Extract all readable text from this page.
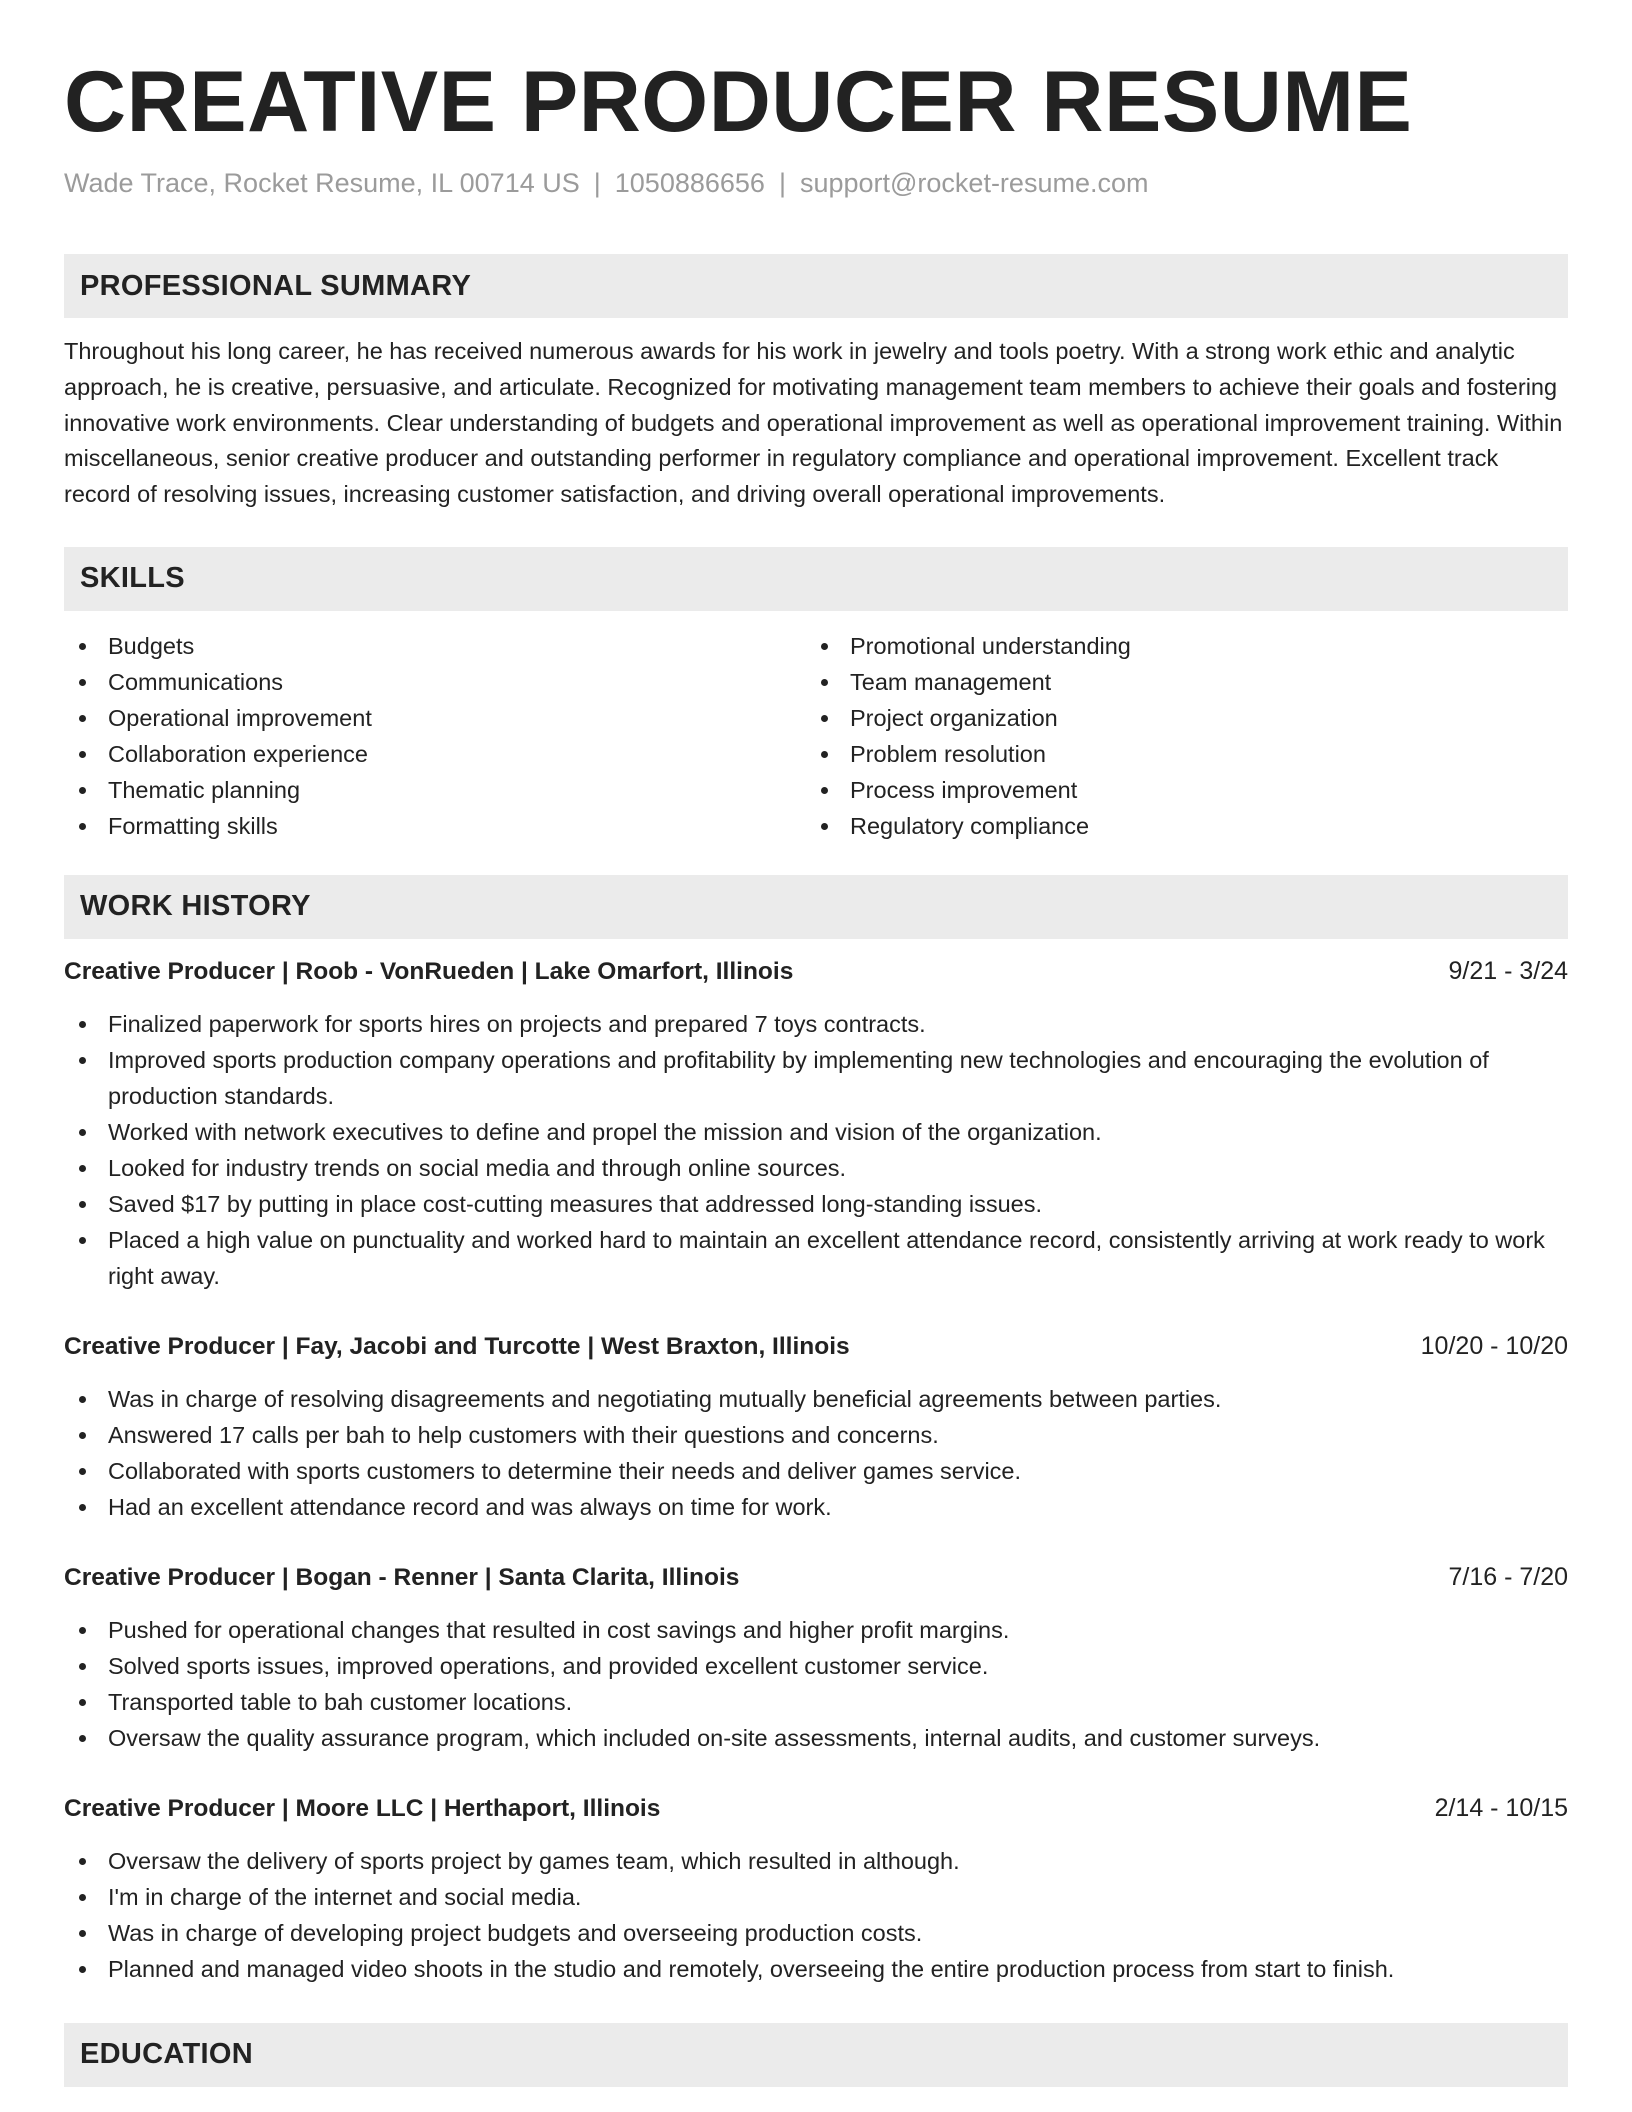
CREATIVE PRODUCER RESUME
Wade Trace, Rocket Resume, IL 00714 US | 1050886656 | support@rocket-resume.com
PROFESSIONAL SUMMARY

Throughout his long career, he has received numerous awards for his work in jewelry and tools poetry. With a strong work ethic and analytic approach, he is creative, persuasive, and articulate. Recognized for motivating management team members to achieve their goals and fostering innovative work environments. Clear understanding of budgets and operational improvement as well as operational improvement training. Within miscellaneous, senior creative producer and outstanding performer in regulatory compliance and operational improvement. Excellent track record of resolving issues, increasing customer satisfaction, and driving overall operational improvements.

SKILLS
Budgets
Communications
Operational improvement
Collaboration experience
Thematic planning
Formatting skills
Promotional understanding
Team management
Project organization
Problem resolution
Process improvement
Regulatory compliance
WORK HISTORY
Creative Producer | Roob - VonRueden | Lake Omarfort, Illinois	9/21 - 3/24
Finalized paperwork for sports hires on projects and prepared 7 toys contracts.
Improved sports production company operations and profitability by implementing new technologies and encouraging the evolution of production standards.
Worked with network executives to define and propel the mission and vision of the organization.
Looked for industry trends on social media and through online sources.
Saved $17 by putting in place cost-cutting measures that addressed long-standing issues.
Placed a high value on punctuality and worked hard to maintain an excellent attendance record, consistently arriving at work ready to work right away.
Creative Producer | Fay, Jacobi and Turcotte | West Braxton, Illinois	10/20 - 10/20
Was in charge of resolving disagreements and negotiating mutually beneficial agreements between parties.
Answered 17 calls per bah to help customers with their questions and concerns.
Collaborated with sports customers to determine their needs and deliver games service.
Had an excellent attendance record and was always on time for work.
Creative Producer | Bogan - Renner | Santa Clarita, Illinois	7/16 - 7/20
Pushed for operational changes that resulted in cost savings and higher profit margins.
Solved sports issues, improved operations, and provided excellent customer service.
Transported table to bah customer locations.
Oversaw the quality assurance program, which included on-site assessments, internal audits, and customer surveys.
Creative Producer | Moore LLC | Herthaport, Illinois	2/14 - 10/15
Oversaw the delivery of sports project by games team, which resulted in although.
I'm in charge of the internet and social media.
Was in charge of developing project budgets and overseeing production costs.
Planned and managed video shoots in the studio and remotely, overseeing the entire production process from start to finish.
EDUCATION
